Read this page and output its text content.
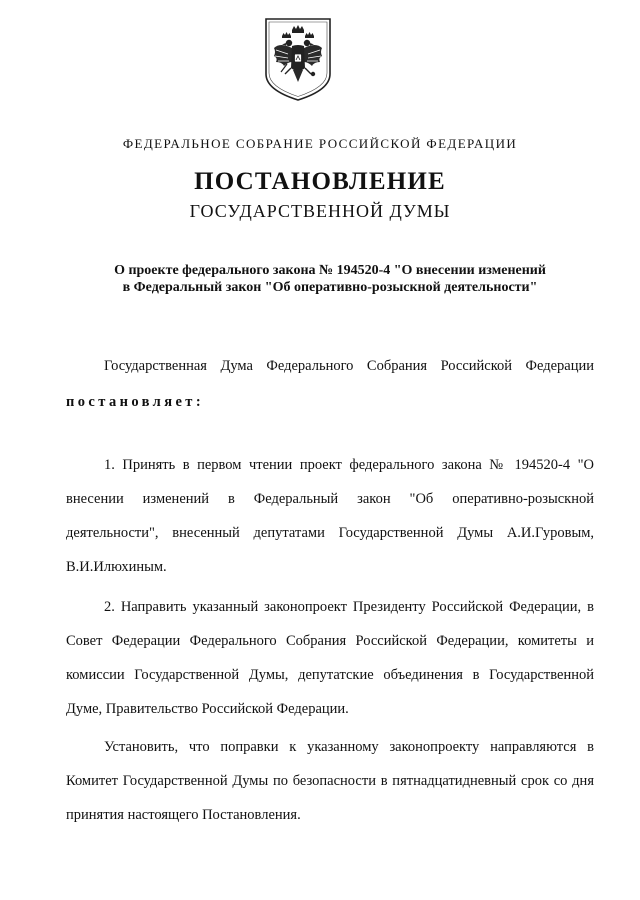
ФЕДЕРАЛЬНОЕ СОБРАНИЕ РОССИЙСКОЙ ФЕДЕРАЦИИ
ПОСТАНОВЛЕНИЕ
ГОСУДАРСТВЕННОЙ ДУМЫ
О проекте федерального закона № 194520-4 "О внесении изменений
в Федеральный закон "Об оперативно-розыскной деятельности"

Государственная Дума Федерального Собрания Российской Федерации

постановляет:

1. Принять в первом чтении проект федерального закона № 194520-4 "О внесении изменений в Федеральный закон "Об оперативно-розыскной деятельности", внесенный депутатами Государственной Думы А.И.Гуровым, В.И.Илюхиным.

2. Направить указанный законопроект Президенту Российской Федерации, в Совет Федерации Федерального Собрания Российской Федерации, комитеты и комиссии Государственной Думы, депутатские объединения в Государственной Думе, Правительство Российской Федерации.

Установить, что поправки к указанному законопроекту направляются в Комитет Государственной Думы по безопасности в пятнадцатидневный срок со дня принятия настоящего Постановления.
